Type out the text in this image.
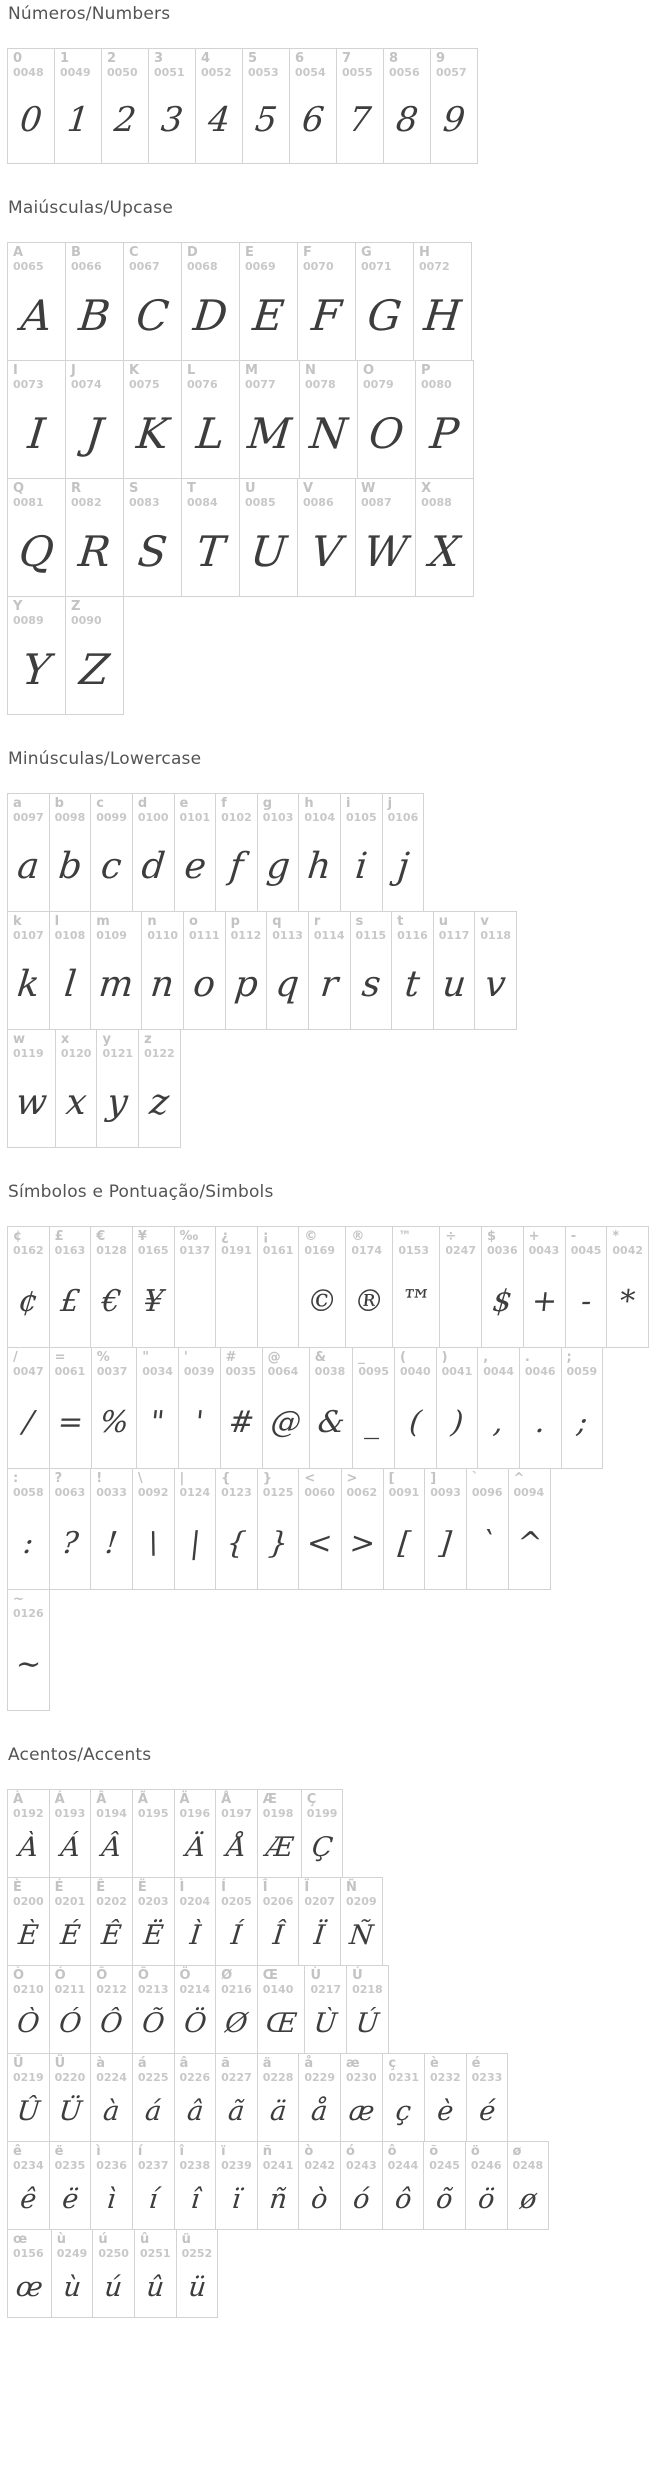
Números/Numbers
0
0048
0
1
0049
1
2
0050
2
3
0051
3
4
0052
4
5
0053
5
6
0054
6
7
0055
7
8
0056
8
9
0057
9
Maiúsculas/Upcase
A
0065
A
B
0066
B
C
0067
C
D
0068
D
E
0069
E
F
0070
F
G
0071
G
H
0072
H
I
0073
I
J
0074
J
K
0075
K
L
0076
L
M
0077
M
N
0078
N
O
0079
O
P
0080
P
Q
0081
Q
R
0082
R
S
0083
S
T
0084
T
U
0085
U
V
0086
V
W
0087
W
X
0088
X
Y
0089
Y
Z
0090
Z
Minúsculas/Lowercase
a
0097
a
b
0098
b
c
0099
c
d
0100
d
e
0101
e
f
0102
f
g
0103
g
h
0104
h
i
0105
i
j
0106
j
k
0107
k
l
0108
l
m
0109
m
n
0110
n
o
0111
o
p
0112
p
q
0113
q
r
0114
r
s
0115
s
t
0116
t
u
0117
u
v
0118
v
w
0119
w
x
0120
x
y
0121
y
z
0122
z
Símbolos e Pontuação/Simbols
¢
0162
¢
£
0163
£
€
0128
€
¥
0165
¥
‰
0137
¿
0191
¡
0161
©
0169
©
®
0174
®
™
0153
™
÷
0247
$
0036
$
+
0043
+
-
0045
-
*
0042
*
/
0047
/
=
0061
=
%
0037
%
"
0034
"
'
0039
'
#
0035
#
@
0064
@
&
0038
&
_
0095
_
(
0040
(
)
0041
)
,
0044
,
.
0046
.
;
0059
;
:
0058
:
?
0063
?
!
0033
!
\
0092
\
|
0124
|
{
0123
{
}
0125
}
<
0060
<
>
0062
>
[
0091
[
]
0093
]
`
0096
`
^
0094
^
~
0126
~
Acentos/Accents
À
0192
À
Á
0193
Á
Â
0194
Â
Ã
0195
Ä
0196
Ä
Å
0197
Å
Æ
0198
Æ
Ç
0199
Ç
È
0200
È
É
0201
É
Ê
0202
Ê
Ë
0203
Ë
Ì
0204
Ì
Í
0205
Í
Î
0206
Î
Ï
0207
Ï
Ñ
0209
Ñ
Ò
0210
Ò
Ó
0211
Ó
Ô
0212
Ô
Õ
0213
Õ
Ö
0214
Ö
Ø
0216
Ø
Œ
0140
Œ
Ù
0217
Ù
Ú
0218
Ú
Û
0219
Û
Ü
0220
Ü
à
0224
à
á
0225
á
â
0226
â
ã
0227
ã
ä
0228
ä
å
0229
å
æ
0230
æ
ç
0231
ç
è
0232
è
é
0233
é
ê
0234
ê
ë
0235
ë
ì
0236
ì
í
0237
í
î
0238
î
ï
0239
ï
ñ
0241
ñ
ò
0242
ò
ó
0243
ó
ô
0244
ô
õ
0245
õ
ö
0246
ö
ø
0248
ø
œ
0156
œ
ù
0249
ù
ú
0250
ú
û
0251
û
ü
0252
ü
